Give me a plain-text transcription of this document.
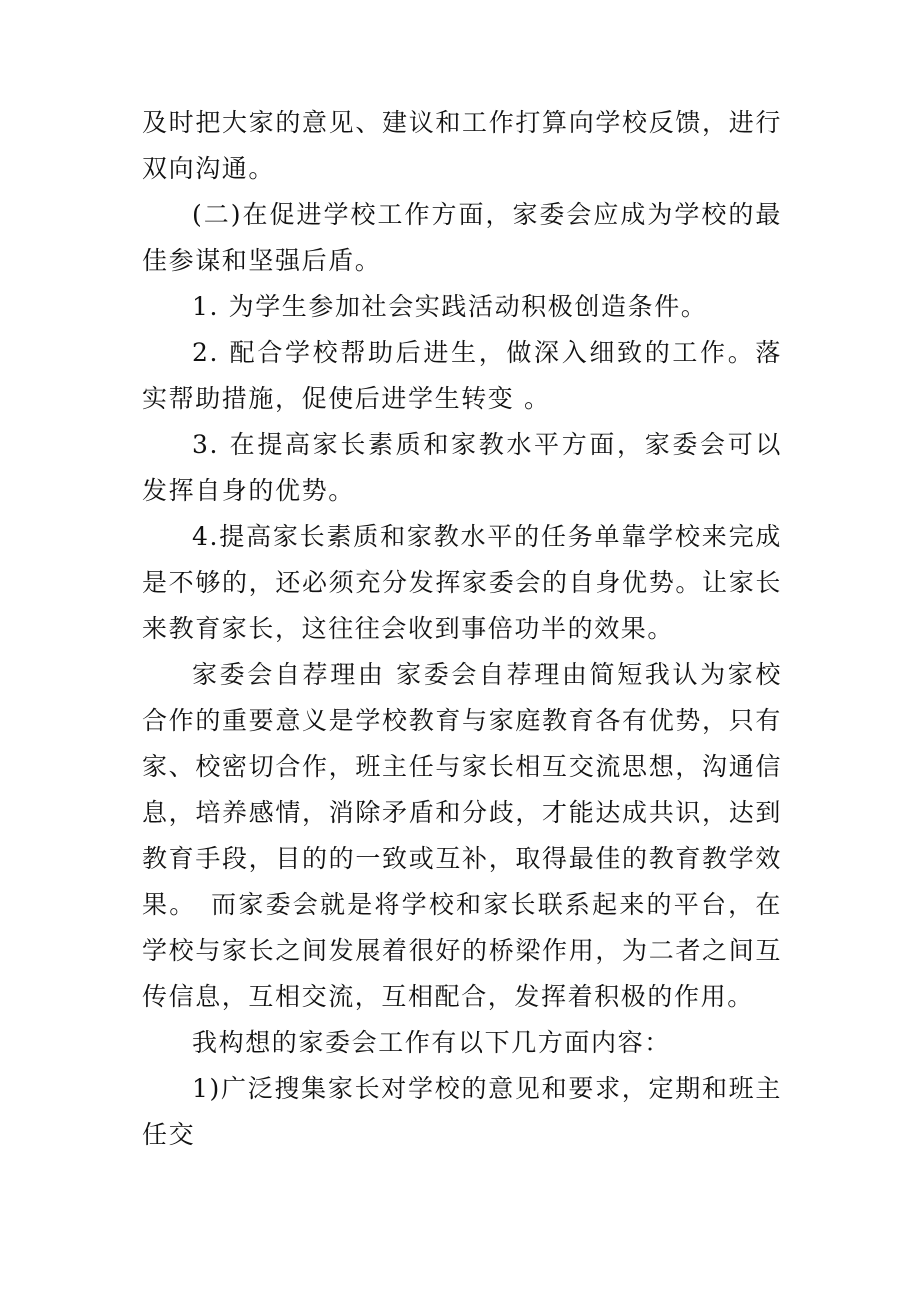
及时把大家的意见、建议和工作打算向学校反馈，进行双向沟通。

(二)在促进学校工作方面，家委会应成为学校的最佳参谋和坚强后盾。

1. 为学生参加社会实践活动积极创造条件。

2. 配合学校帮助后进生，做深入细致的工作。落实帮助措施，促使后进学生转变 。

3. 在提高家长素质和家教水平方面，家委会可以发挥自身的优势。

4.提高家长素质和家教水平的任务单靠学校来完成是不够的，还必须充分发挥家委会的自身优势。让家长来教育家长，这往往会收到事倍功半的效果。

家委会自荐理由 家委会自荐理由简短我认为家校合作的重要意义是学校教育与家庭教育各有优势，只有家、校密切合作，班主任与家长相互交流思想，沟通信息，培养感情，消除矛盾和分歧，才能达成共识，达到教育手段，目的的一致或互补，取得最佳的教育教学效果。　而家委会就是将学校和家长联系起来的平台，在学校与家长之间发展着很好的桥梁作用，为二者之间互传信息，互相交流，互相配合，发挥着积极的作用。

我构想的家委会工作有以下几方面内容：

1)广泛搜集家长对学校的意见和要求，定期和班主任交
